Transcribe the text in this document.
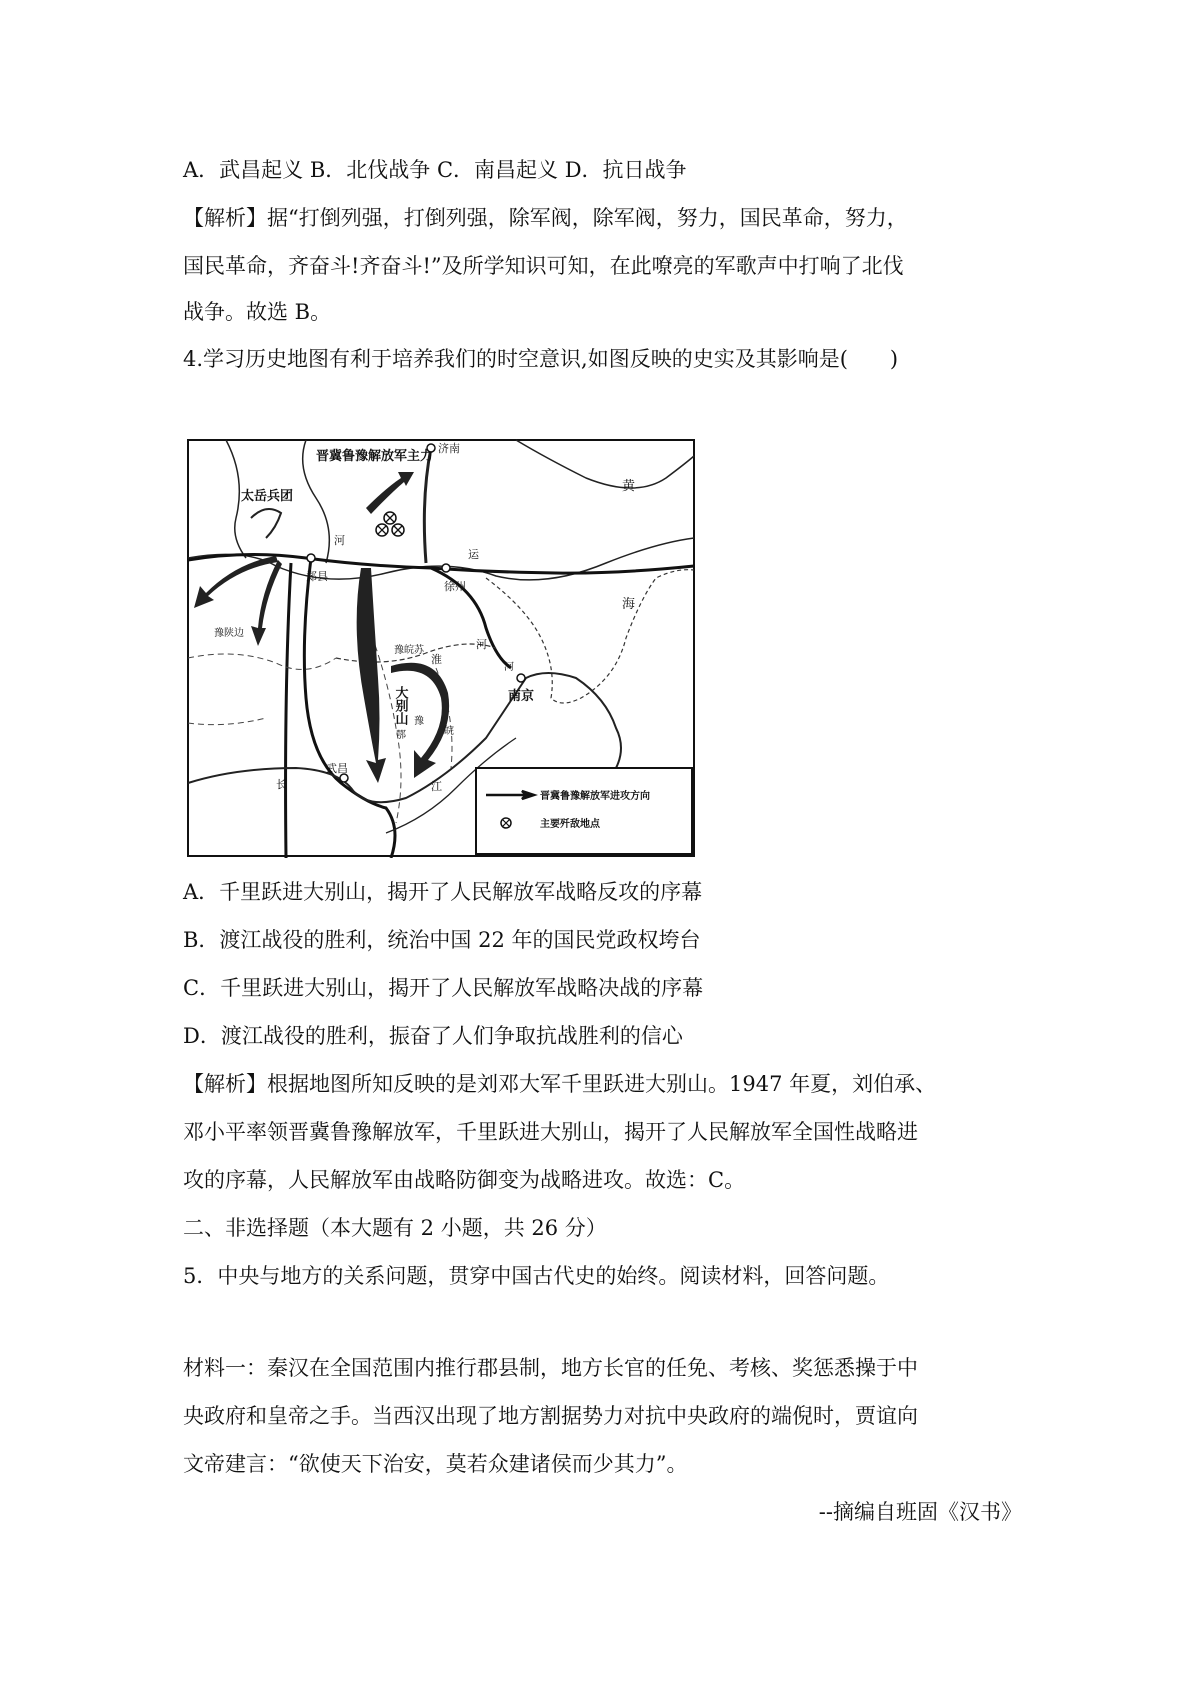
A．武昌起义 B．北伐战争 C．南昌起义 D．抗日战争
【解析】据“打倒列强，打倒列强，除军阀，除军阀，努力，国民革命，努力，
国民革命，齐奋斗!齐奋斗!”及所学知识可知，在此嘹亮的军歌声中打响了北伐
战争。故选 B。
4.学习历史地图有利于培养我们的时空意识,如图反映的史实及其影响是(　　)
晋冀鲁豫解放军主力
太岳兵团
济南
郑县
徐州
南京
武昌
豫陕边
豫皖苏
大别山
鄂
豫
皖
淮
河
运
河
长	江
黄
海
河
晋冀鲁豫解放军进攻方向
主要歼敌地点
A．千里跃进大别山，揭开了人民解放军战略反攻的序幕
B．渡江战役的胜利，统治中国 22 年的国民党政权垮台
C．千里跃进大别山，揭开了人民解放军战略决战的序幕
D．渡江战役的胜利，振奋了人们争取抗战胜利的信心
【解析】根据地图所知反映的是刘邓大军千里跃进大别山。1947 年夏，刘伯承、
邓小平率领晋冀鲁豫解放军，千里跃进大别山，揭开了人民解放军全国性战略进
攻的序幕，人民解放军由战略防御变为战略进攻。故选：C。
二、非选择题（本大题有 2 小题，共 26 分）
5．中央与地方的关系问题，贯穿中国古代史的始终。阅读材料，回答问题。
材料一：秦汉在全国范围内推行郡县制，地方长官的任免、考核、奖惩悉操于中
央政府和皇帝之手。当西汉出现了地方割据势力对抗中央政府的端倪时，贾谊向
文帝建言：“欲使天下治安，莫若众建诸侯而少其力”。
--摘编自班固《汉书》
